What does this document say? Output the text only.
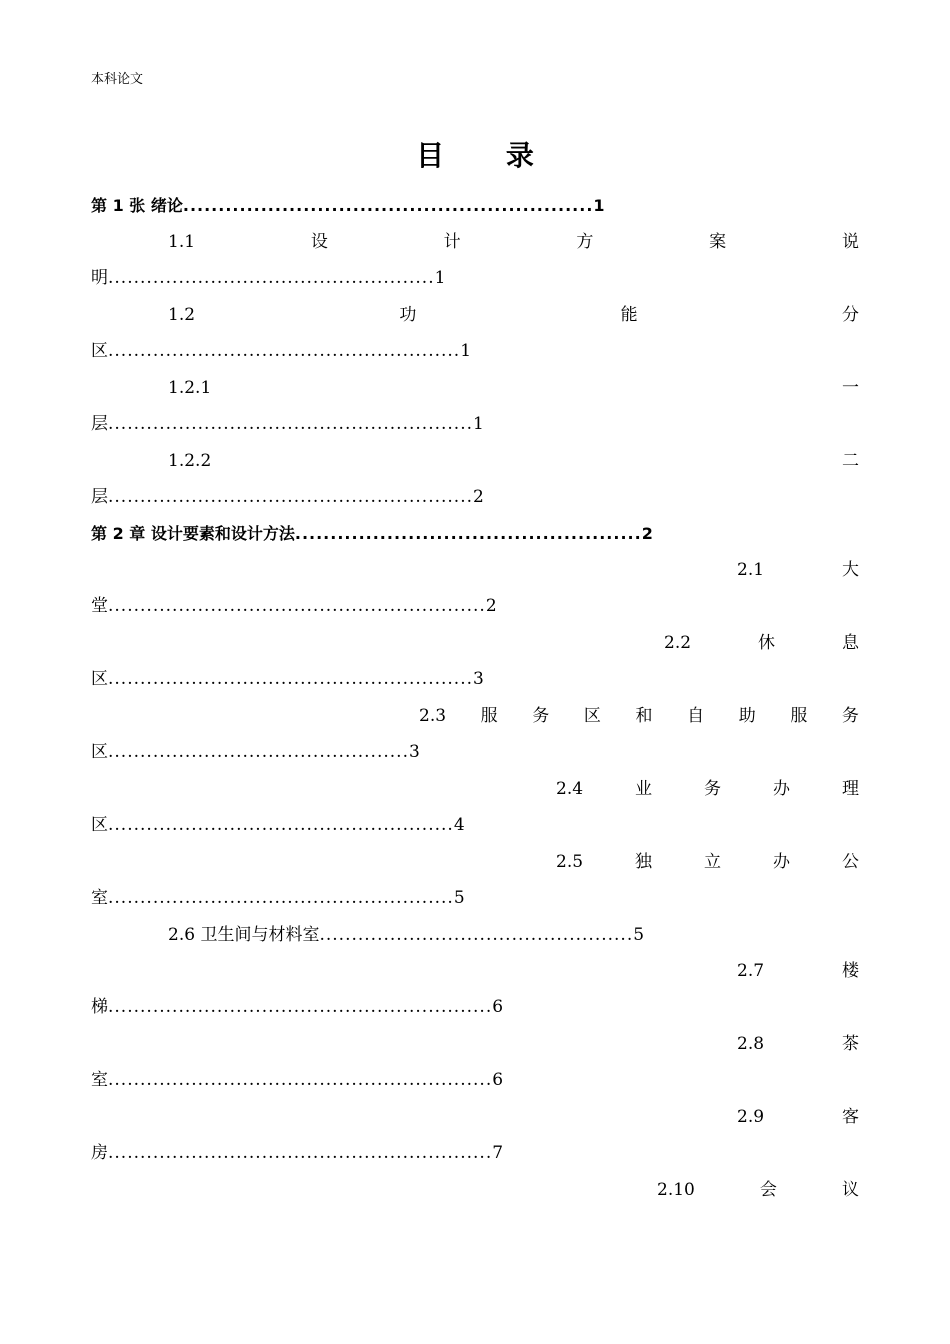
本科论文
目 录
第 1 张 绪论..........................................................1
1.1	设	计	方	案	说
明...................................................1
1.2	功	能	分
区.......................................................1
1.2.1	一
层.........................................................1
1.2.2	二
层.........................................................2
第 2 章 设计要素和设计方法.................................................2
2.1	大
堂...........................................................2
2.2	休	息
区.........................................................3
2.3 服 务 区 和 自 助 服 务
区...............................................3
2.4	业	务	办	理
区......................................................4
2.5	独	立	办	公
室......................................................5
2.6 卫生间与材料室.................................................5
2.7	楼
梯............................................................6
2.8	茶
室............................................................6
2.9	客
房............................................................7
2.10	会	议
